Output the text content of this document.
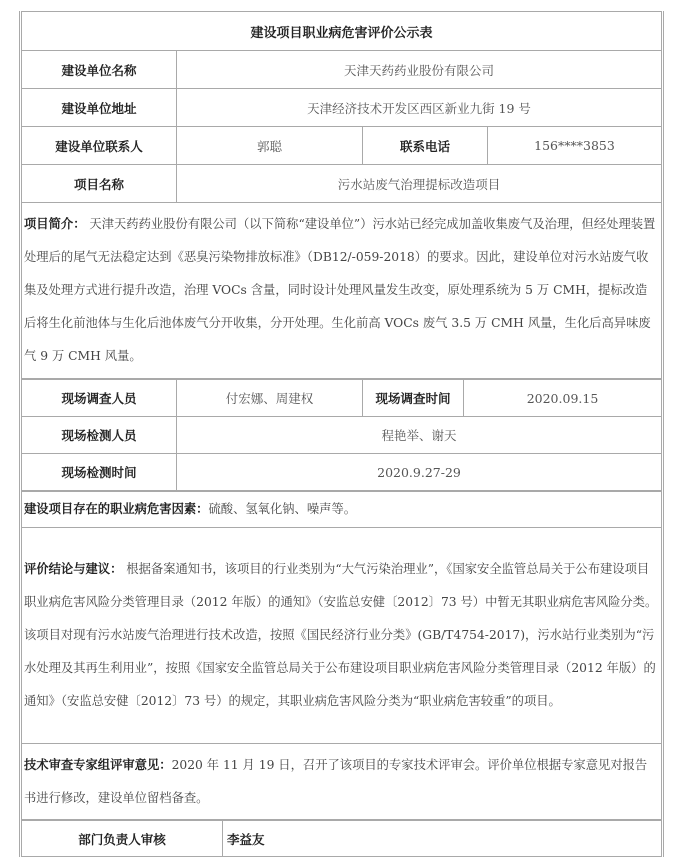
建设项目职业病危害评价公示表			
建设单位名称	天津天药药业股份有限公司		
建设单位地址	天津经济技术开发区西区新业九街 19 号		
建设单位联系人	郭聪	联系电话	156****3853
项目名称	污水站废气治理提标改造项目		
项目简介： 天津天药药业股份有限公司（以下简称“建设单位”）污水站已经完成加盖收集废气及治理，但经处理装置处理后的尾气无法稳定达到《恶臭污染物排放标准》（DB12/-059-2018）的要求。因此，建设单位对污水站废气收集及处理方式进行提升改造，治理 VOCs 含量，同时设计处理风量发生改变，原处理系统为 5 万 CMH，提标改造后将生化前池体与生化后池体废气分开收集，分开处理。生化前高 VOCs 废气 3.5 万 CMH 风量，生化后高异味废气 9 万 CMH 风量。			
现场调查人员	付宏娜、周建权	现场调查时间	2020.09.15
现场检测人员	程艳举、谢天		
现场检测时间	2020.9.27-29		
建设项目存在的职业病危害因素：硫酸、氢氧化钠、噪声等。
评价结论与建议： 根据备案通知书，该项目的行业类别为“大气污染治理业”，《国家安全监管总局关于公布建设项目职业病危害风险分类管理目录（2012 年版）的通知》（安监总安健〔2012〕73 号）中暂无其职业病危害风险分类。该项目对现有污水站废气治理进行技术改造，按照《国民经济行业分类》(GB/T4754-2017)，污水站行业类别为“污水处理及其再生利用业”，按照《国家安全监管总局关于公布建设项目职业病危害风险分类管理目录（2012 年版）的通知》（安监总安健〔2012〕73 号）的规定，其职业病危害风险分类为“职业病危害较重”的项目。
技术审查专家组评审意见：2020 年 11 月 19 日，召开了该项目的专家技术评审会。评价单位根据专家意见对报告书进行修改，建设单位留档备查。
部门负责人审核	李益友
